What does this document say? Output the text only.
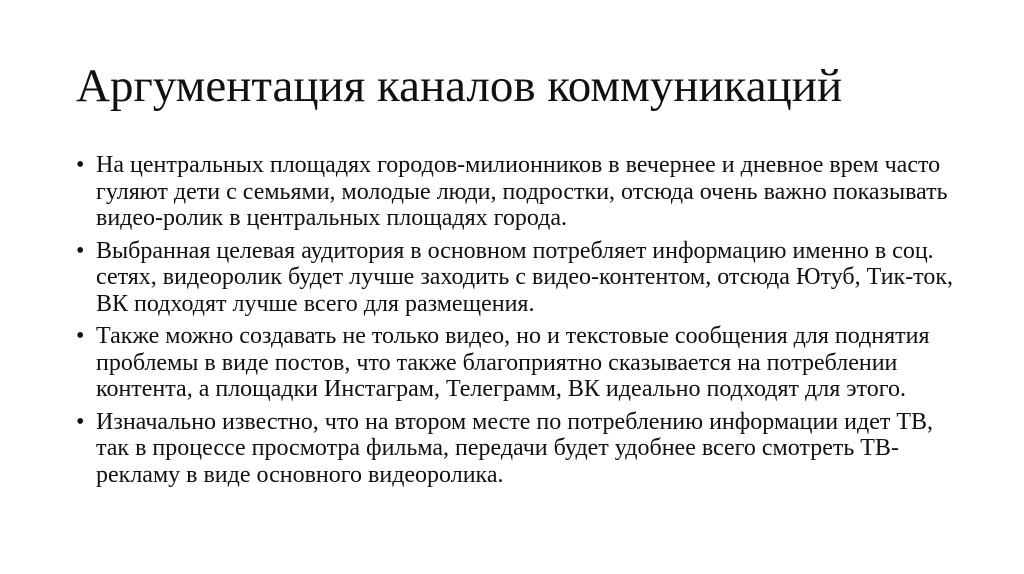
Аргументация каналов коммуникаций
• На центральных площадях городов-милионников в вечернее и дневное врем часто гуляют дети с семьями, молодые люди, подростки, отсюда очень важно показывать видео-ролик в центральных площадях города.
• Выбранная целевая аудитория в основном потребляет информацию именно в соц. сетях, видеоролик будет лучше заходить с видео-контентом, отсюда Ютуб, Тик-ток, ВК подходят лучше всего для размещения.
• Также можно создавать не только видео, но и текстовые сообщения для поднятия проблемы в виде постов, что также благоприятно сказывается на потреблении контента, а площадки Инстаграм, Телеграмм, ВК идеально подходят для этого.
• Изначально известно, что на втором месте по потреблению информации идет ТВ, так в процессе просмотра фильма, передачи будет удобнее всего смотреть ТВ-рекламу в виде основного видеоролика.
